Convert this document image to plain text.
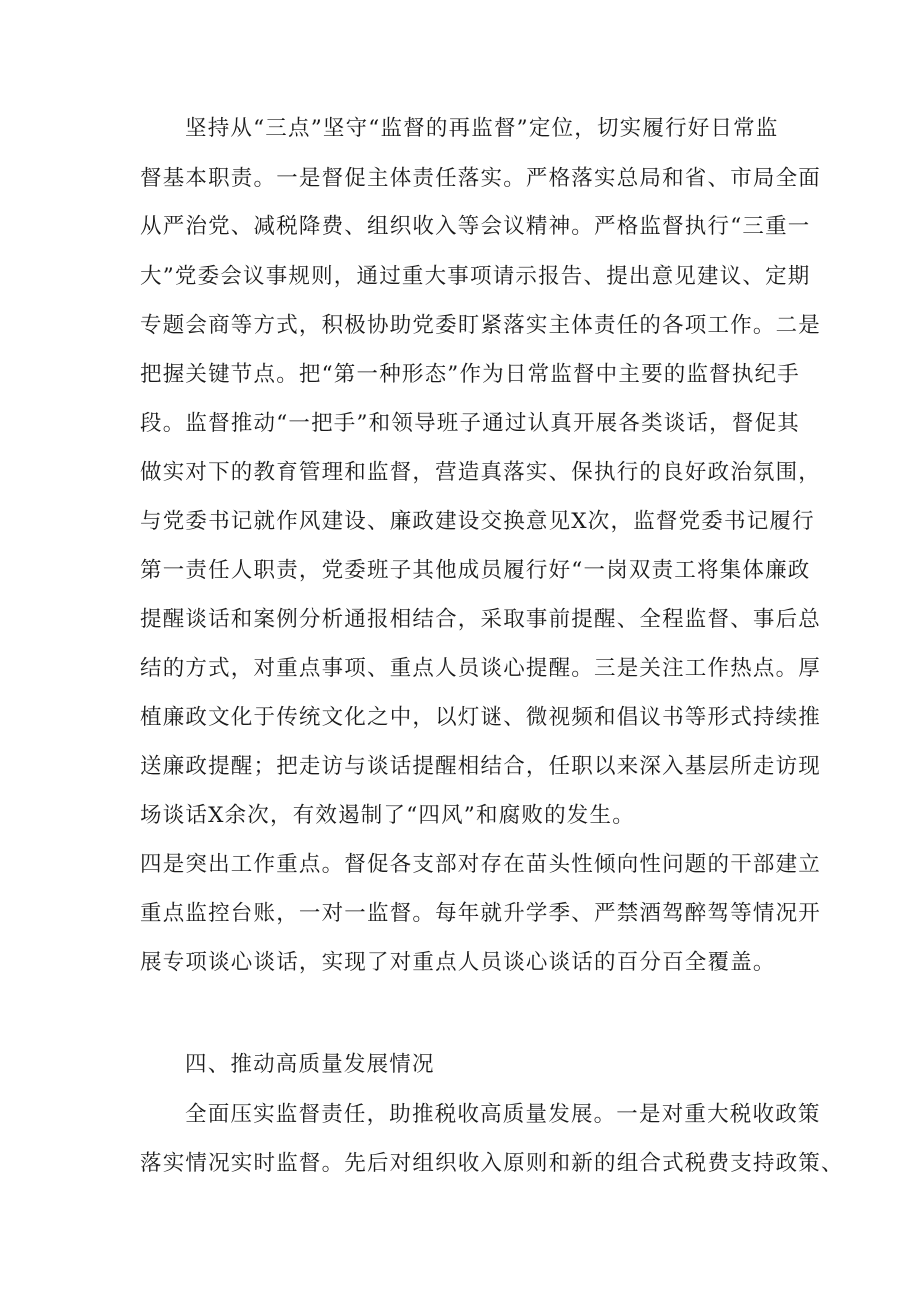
坚持从“三点”坚守“监督的再监督”定位，切实履行好日常监
督基本职责。一是督促主体责任落实。严格落实总局和省、市局全面
从严治党、减税降费、组织收入等会议精神。严格监督执行“三重一
大”党委会议事规则，通过重大事项请示报告、提出意见建议、定期
专题会商等方式，积极协助党委盯紧落实主体责任的各项工作。二是
把握关键节点。把“第一种形态”作为日常监督中主要的监督执纪手
段。监督推动“一把手”和领导班子通过认真开展各类谈话，督促其
做实对下的教育管理和监督，营造真落实、保执行的良好政治氛围，
与党委书记就作风建设、廉政建设交换意见X次，监督党委书记履行
第一责任人职责，党委班子其他成员履行好“一岗双责工将集体廉政
提醒谈话和案例分析通报相结合，采取事前提醒、全程监督、事后总
结的方式，对重点事项、重点人员谈心提醒。三是关注工作热点。厚
植廉政文化于传统文化之中，以灯谜、微视频和倡议书等形式持续推
送廉政提醒；把走访与谈话提醒相结合，任职以来深入基层所走访现
场谈话X余次，有效遏制了“四风”和腐败的发生。
四是突出工作重点。督促各支部对存在苗头性倾向性问题的干部建立
重点监控台账，一对一监督。每年就升学季、严禁酒驾醉驾等情况开
展专项谈心谈话，实现了对重点人员谈心谈话的百分百全覆盖。
四、推动高质量发展情况
全面压实监督责任，助推税收高质量发展。一是对重大税收政策
落实情况实时监督。先后对组织收入原则和新的组合式税费支持政策、
